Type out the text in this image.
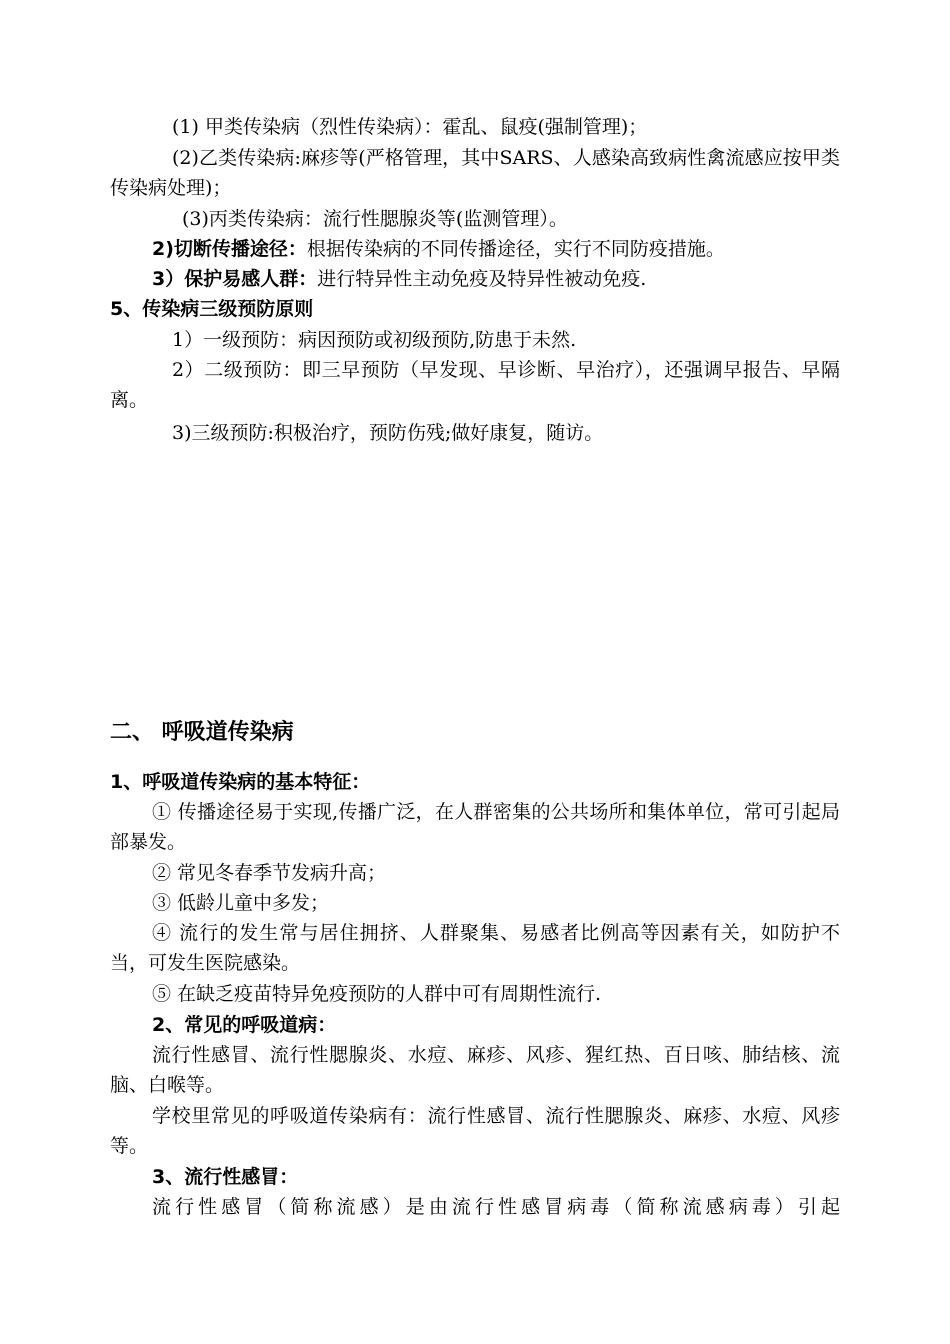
(1) 甲类传染病（烈性传染病）：霍乱、鼠疫(强制管理)；

(2)乙类传染病:麻疹等(严格管理，其中SARS、人感染高致病性禽流感应按甲类传染病处理)；

(3)丙类传染病：流行性腮腺炎等(监测管理）。
2)切断传播途径：根据传染病的不同传播途径，实行不同防疫措施。
3）保护易感人群：进行特异性主动免疫及特异性被动免疫.
5、传染病三级预防原则
1）一级预防：病因预防或初级预防,防患于未然.

2）二级预防：即三早预防（早发现、早诊断、早治疗），还强调早报告、早隔离。

3)三级预防:积极治疗，预防伤残;做好康复，随访。
二、 呼吸道传染病
1、呼吸道传染病的基本特征：

① 传播途径易于实现,传播广泛，在人群密集的公共场所和集体单位，常可引起局部暴发。

② 常见冬春季节发病升高；
③ 低龄儿童中多发；

④ 流行的发生常与居住拥挤、人群聚集、易感者比例高等因素有关，如防护不当，可发生医院感染。

⑤ 在缺乏疫苗特异免疫预防的人群中可有周期性流行.
2、常见的呼吸道病：

流行性感冒、流行性腮腺炎、水痘、麻疹、风疹、猩红热、百日咳、肺结核、流脑、白喉等。

学校里常见的呼吸道传染病有：流行性感冒、流行性腮腺炎、麻疹、水痘、风疹等。

3、流行性感冒：

流行性感冒（简称流感）是由流行性感冒病毒（简称流感病毒）引起
